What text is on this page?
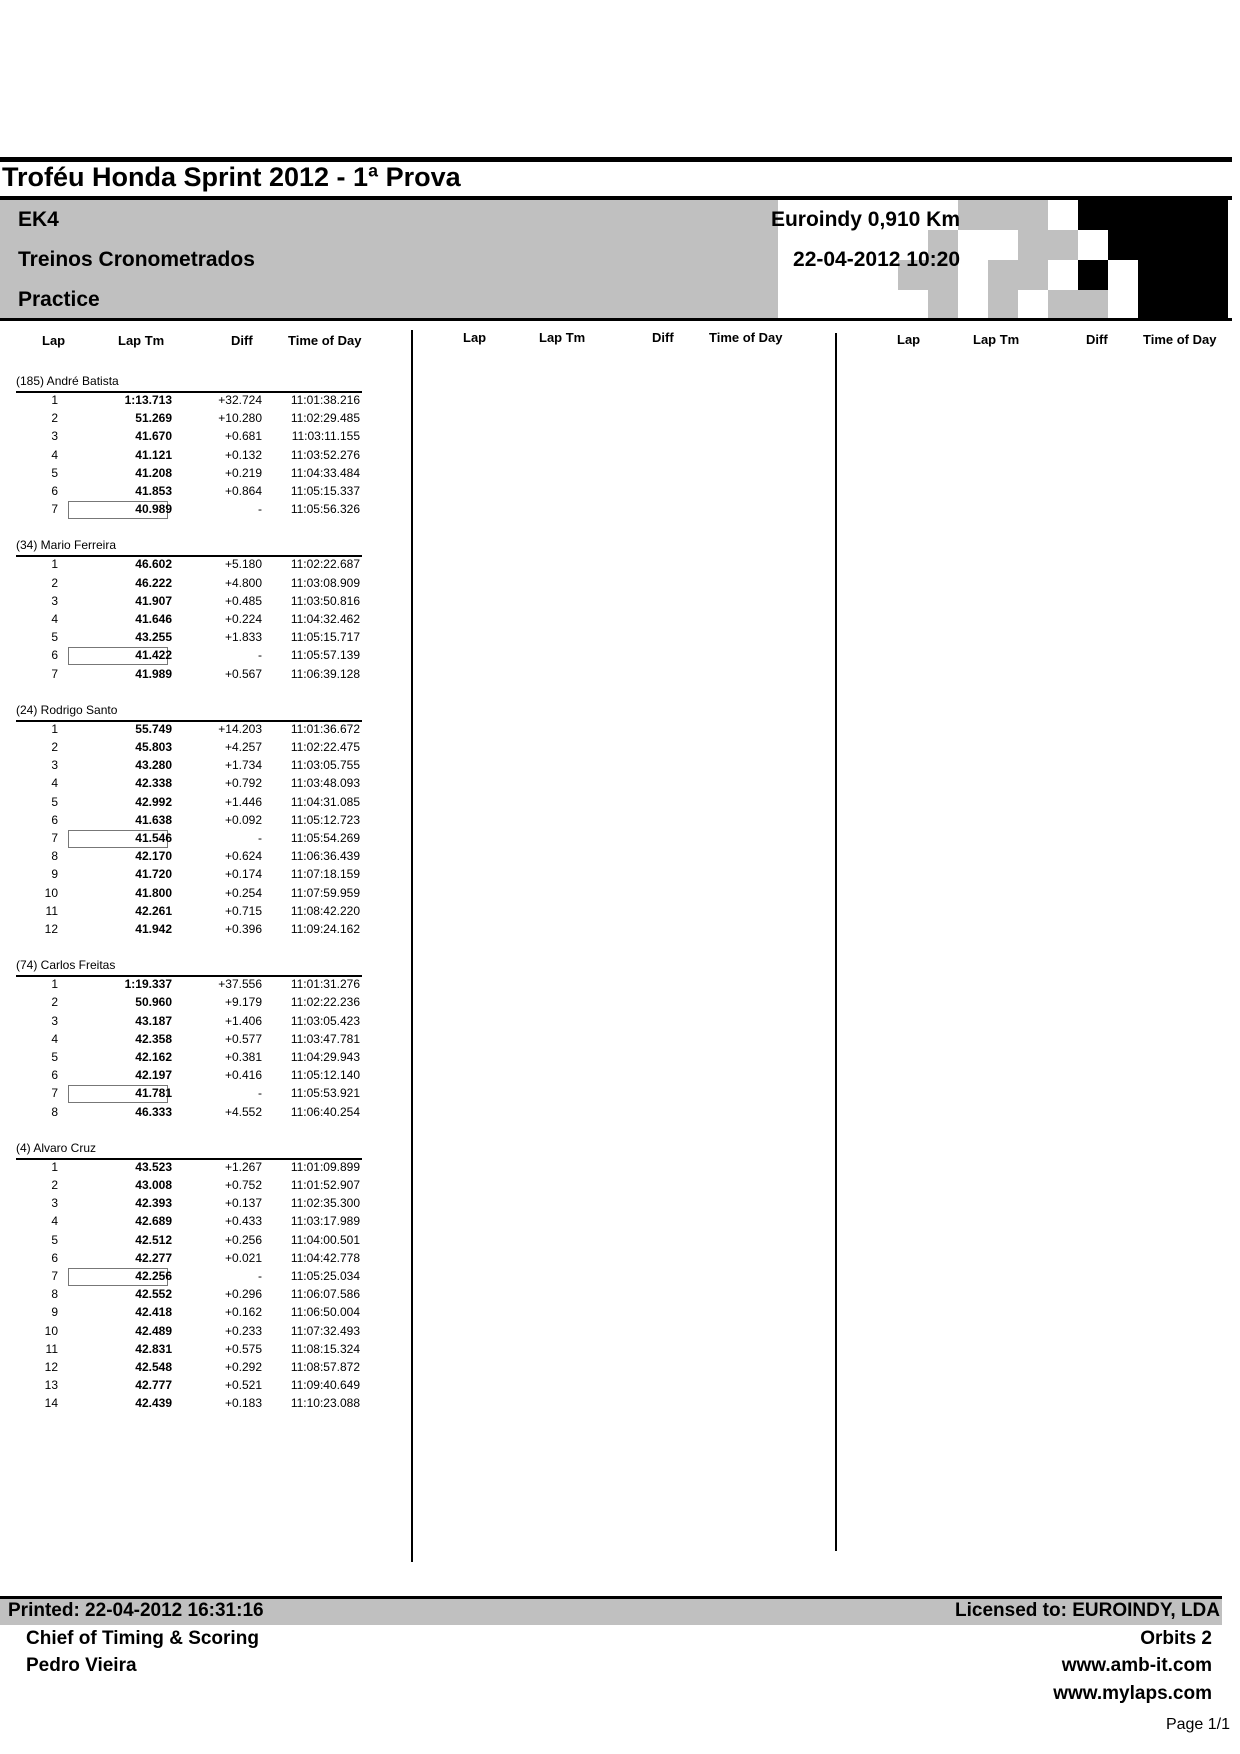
Troféu Honda Sprint 2012 - 1ª Prova
EK4
Treinos Cronometrados
Practice
Euroindy 0,910 Km
22-04-2012 10:20
Lap	Lap Tm	Diff	Time of Day	Lap	Lap Tm	Diff	Time of Day	Lap	Lap Tm	Diff	Time of Day
(185) André Batista
1	1:13.713	+32.724	11:01:38.216
2	51.269	+10.280	11:02:29.485
3	41.670	+0.681	11:03:11.155
4	41.121	+0.132	11:03:52.276
5	41.208	+0.219	11:04:33.484
6	41.853	+0.864	11:05:15.337
7	40.989	-	11:05:56.326
(34) Mario Ferreira
1	46.602	+5.180	11:02:22.687
2	46.222	+4.800	11:03:08.909
3	41.907	+0.485	11:03:50.816
4	41.646	+0.224	11:04:32.462
5	43.255	+1.833	11:05:15.717
6	41.422	-	11:05:57.139
7	41.989	+0.567	11:06:39.128
(24) Rodrigo Santo
1	55.749	+14.203	11:01:36.672
2	45.803	+4.257	11:02:22.475
3	43.280	+1.734	11:03:05.755
4	42.338	+0.792	11:03:48.093
5	42.992	+1.446	11:04:31.085
6	41.638	+0.092	11:05:12.723
7	41.546	-	11:05:54.269
8	42.170	+0.624	11:06:36.439
9	41.720	+0.174	11:07:18.159
10	41.800	+0.254	11:07:59.959
11	42.261	+0.715	11:08:42.220
12	41.942	+0.396	11:09:24.162
(74) Carlos Freitas
1	1:19.337	+37.556	11:01:31.276
2	50.960	+9.179	11:02:22.236
3	43.187	+1.406	11:03:05.423
4	42.358	+0.577	11:03:47.781
5	42.162	+0.381	11:04:29.943
6	42.197	+0.416	11:05:12.140
7	41.781	-	11:05:53.921
8	46.333	+4.552	11:06:40.254
(4) Alvaro Cruz
1	43.523	+1.267	11:01:09.899
2	43.008	+0.752	11:01:52.907
3	42.393	+0.137	11:02:35.300
4	42.689	+0.433	11:03:17.989
5	42.512	+0.256	11:04:00.501
6	42.277	+0.021	11:04:42.778
7	42.256	-	11:05:25.034
8	42.552	+0.296	11:06:07.586
9	42.418	+0.162	11:06:50.004
10	42.489	+0.233	11:07:32.493
11	42.831	+0.575	11:08:15.324
12	42.548	+0.292	11:08:57.872
13	42.777	+0.521	11:09:40.649
14	42.439	+0.183	11:10:23.088
Printed: 22-04-2012 16:31:16	Licensed to: EUROINDY, LDA
Chief of Timing & Scoring
Pedro Vieira
Orbits 2
www.amb-it.com
www.mylaps.com
Page 1/1
